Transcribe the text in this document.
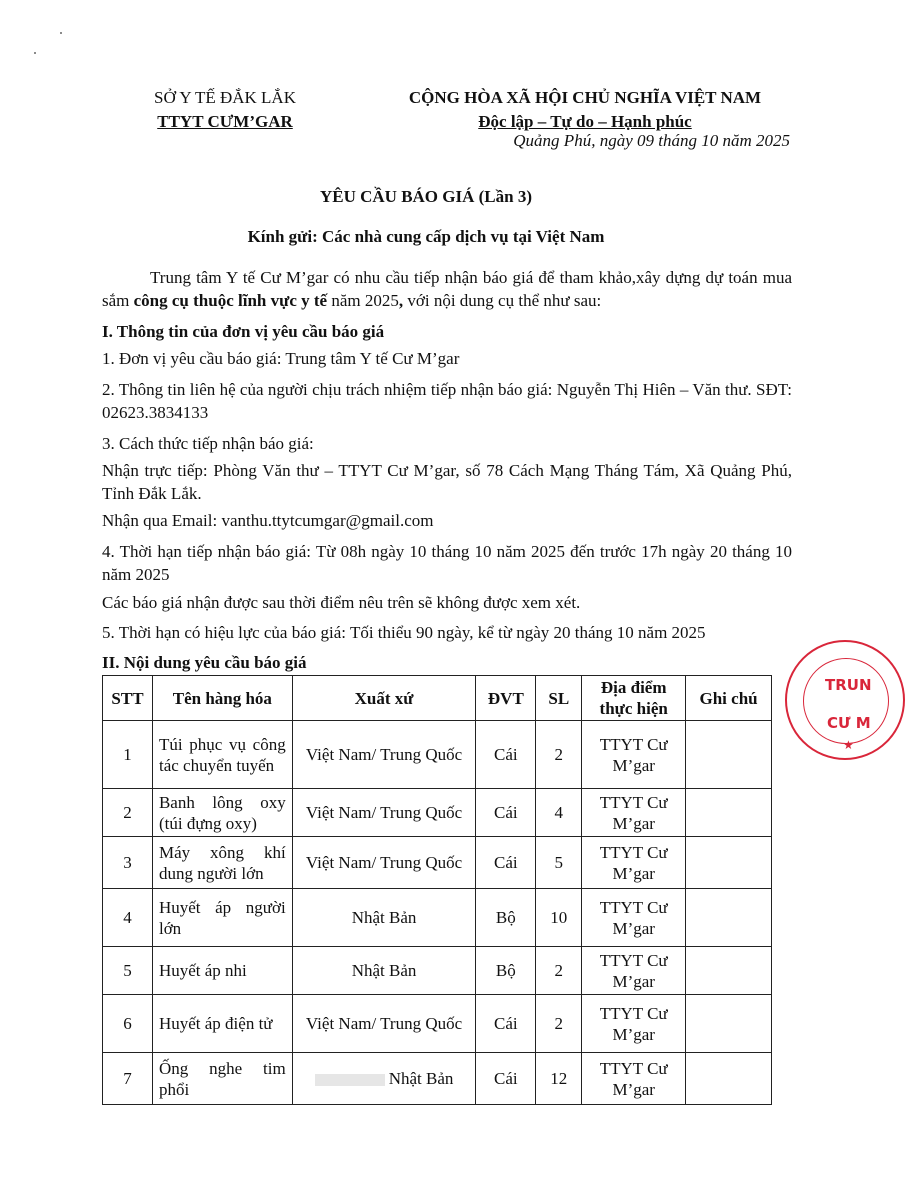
SỞ Y TẾ ĐẮK LẮK
TTYT CƯM’GAR
CỘNG HÒA XÃ HỘI CHỦ NGHĨA VIỆT NAM
Độc lập – Tự do – Hạnh phúc
Quảng Phú, ngày 09 tháng 10 năm 2025
YÊU CẦU BÁO GIÁ (Lần 3)
Kính gửi: Các nhà cung cấp dịch vụ tại Việt Nam
Trung tâm Y tế Cư M’gar có nhu cầu tiếp nhận báo giá để tham khảo,xây dựng dự toán mua sắm công cụ thuộc lĩnh vực y tế năm 2025, với nội dung cụ thể như sau:
I. Thông tin của đơn vị yêu cầu báo giá
1. Đơn vị yêu cầu báo giá: Trung tâm Y tế Cư M’gar
2. Thông tin liên hệ của người chịu trách nhiệm tiếp nhận báo giá: Nguyễn Thị Hiên – Văn thư. SĐT: 02623.3834133
3. Cách thức tiếp nhận báo giá:
Nhận trực tiếp: Phòng Văn thư – TTYT Cư M’gar, số 78 Cách Mạng Tháng Tám, Xã Quảng Phú, Tỉnh Đắk Lắk.
Nhận qua Email: vanthu.ttytcumgar@gmail.com
4. Thời hạn tiếp nhận báo giá: Từ 08h ngày 10 tháng 10 năm 2025 đến trước 17h ngày 20 tháng 10 năm 2025
Các báo giá nhận được sau thời điểm nêu trên sẽ không được xem xét.
5. Thời hạn có hiệu lực của báo giá: Tối thiểu 90 ngày, kể từ ngày 20 tháng 10 năm 2025
II. Nội dung yêu cầu báo giá
TRUN
CƯ M
★
STT	Tên hàng hóa	Xuất xứ	ĐVT	SL	Địa điểm thực hiện	Ghi chú
1	Túi phục vụ công tác chuyển tuyến	Việt Nam/ Trung Quốc	Cái	2	TTYT Cư M’gar	
2	Banh lông oxy (túi đựng oxy)	Việt Nam/ Trung Quốc	Cái	4	TTYT Cư M’gar	
3	Máy xông khí dung người lớn	Việt Nam/ Trung Quốc	Cái	5	TTYT Cư M’gar	
4	Huyết áp người lớn	Nhật Bản	Bộ	10	TTYT Cư M’gar	
5	Huyết áp nhi	Nhật Bản	Bộ	2	TTYT Cư M’gar	
6	Huyết áp điện tử	Việt Nam/ Trung Quốc	Cái	2	TTYT Cư M’gar	
7	Ống nghe tim phổi	Nhật Bản	Cái	12	TTYT Cư M’gar	
